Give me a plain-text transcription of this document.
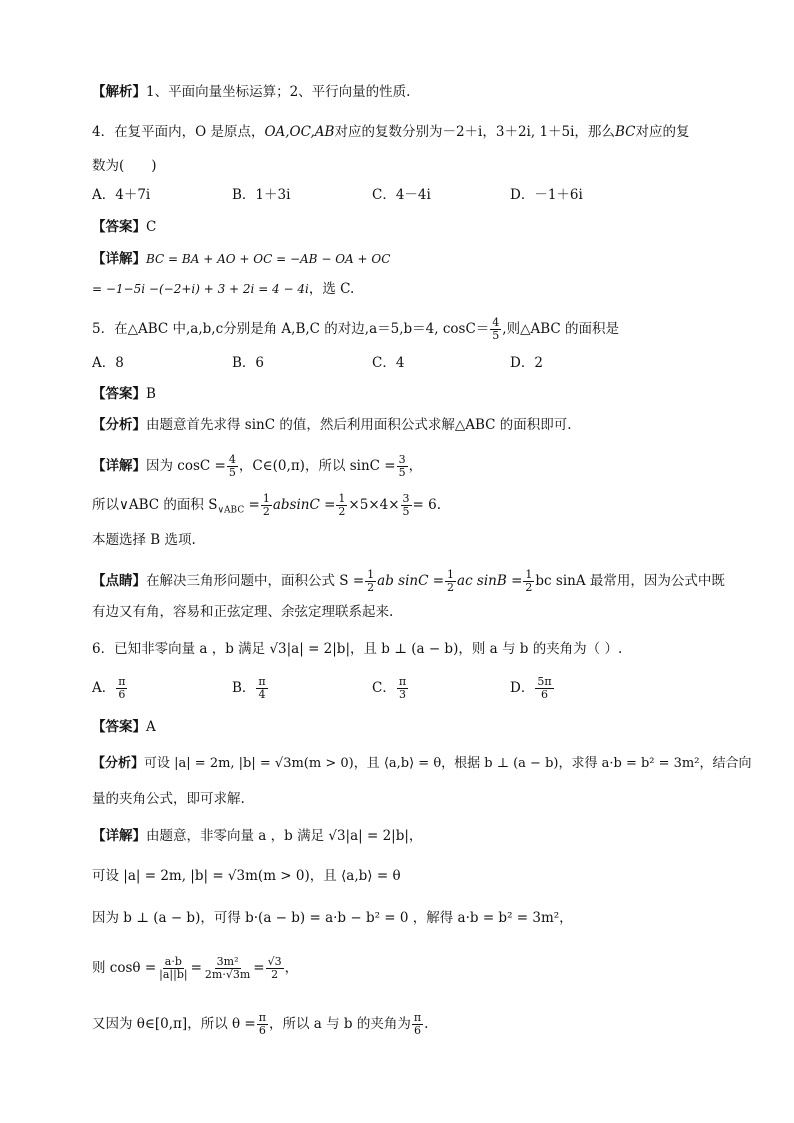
【解析】1、平面向量坐标运算；2、平行向量的性质.
4．在复平面内，O 是原点，OA,OC,AB对应的复数分别为－2＋i，3＋2i, 1＋5i，那么BC对应的复
数为(　　)
A．4＋7i	B．1＋3i	C．4－4i	D．－1＋6i
【答案】C
【详解】BC = BA + AO + OC = −AB − OA + OC
= −1−5i −(−2+i) + 3 + 2i = 4 − 4i，选 C.
5．在△ABC 中,a,b,c分别是角 A,B,C 的对边,a＝5,b＝4, $\cos C= \frac{4}{5}$ ,则△ABC 的面积是
A．8	B．6	C．4	D．2
【答案】B
【分析】由题意首先求得 sinC 的值，然后利用面积公式求解△ABC 的面积即可.
【详解】因为 $\cos C = \frac{4}{5}$ ，C∈(0,π)，所以 $\sin C = \frac{3}{5}$ ，
所以∨ABC 的面积 $S_{\vee ABC} = \frac{1}{2}$ $absinC = \frac{1}{2} \times 5\times 4\times \frac{3}{5} = 6$.
本题选择 B 选项.
【点睛】在解决三角形问题中，面积公式 $S = \frac{1}{2}$ ab $\sin C = \frac{1}{2}$ ac $\sin B = \frac{1}{2}$ bc sinA 最常用，因为公式中既
有边又有角，容易和正弦定理、余弦定理联系起来.
6．已知非零向量 a ，b 满足 √3|a| = 2|b|，且 b ⊥ (a − b)，则 a 与 b 的夹角为（ ）.
A． $\frac{\pi}{6}$	B． $\frac{\pi}{4}$	C． $\frac{\pi}{3}$	D． $\frac{5\pi}{6}$
【答案】A
【分析】可设 |a| = 2m, |b| = √3m(m > 0)，且 ⟨a,b⟩ = θ，根据 b ⊥ (a − b)，求得 a·b = b² = 3m²，结合向
量的夹角公式，即可求解.
【详解】由题意，非零向量 a ，b 满足 √3|a| = 2|b|，
可设 |a| = 2m, |b| = √3m(m > 0)，且 ⟨a,b⟩ = θ
因为 b ⊥ (a − b)，可得 b·(a − b) = a·b − b² = 0 ，解得 a·b = b² = 3m²，
则 $\cos\theta = \frac{a\cdot b}{|a||b|} = \frac{\text{3m²}}{2m\cdot√3m} = \frac{√3}{2}$ ，
又因为 θ∈[0,π]，所以 $\theta = \frac{\pi}{6}$ ，所以 a 与 b 的夹角为 $\frac{\pi}{6}$ .
